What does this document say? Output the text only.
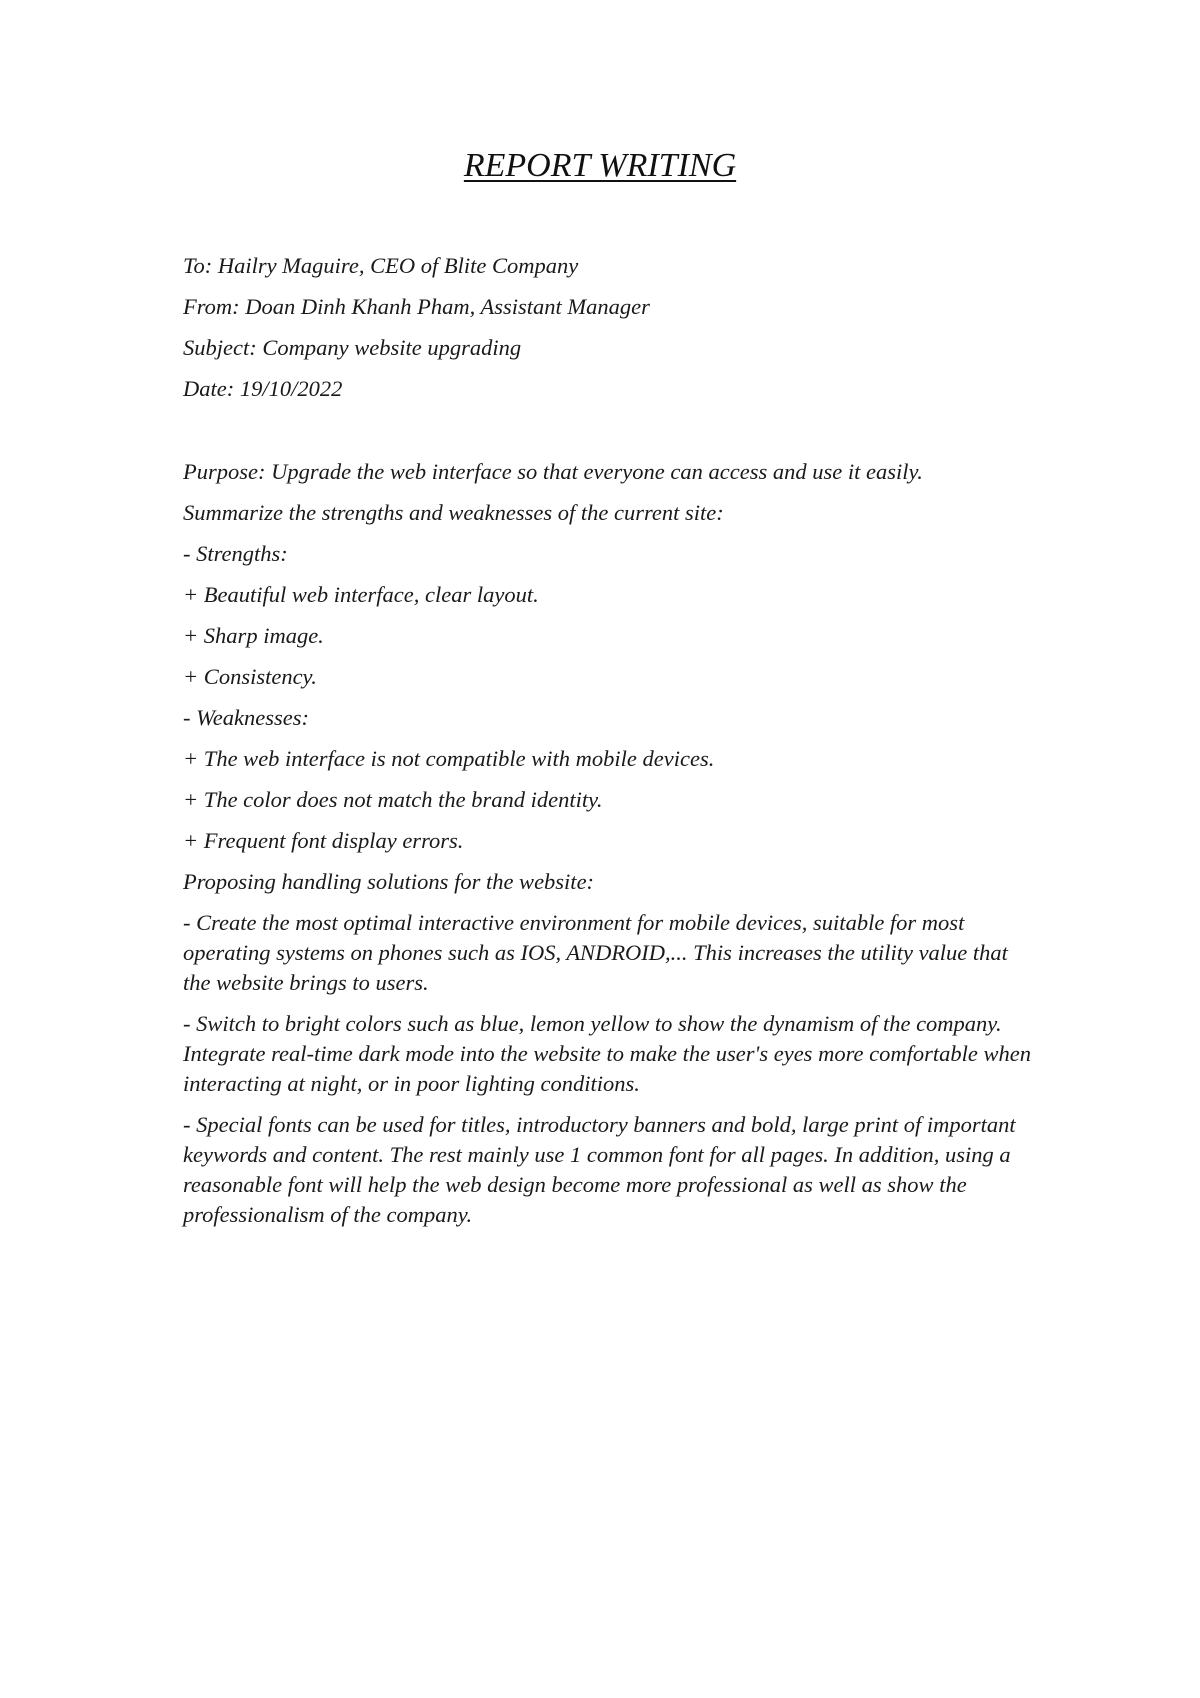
REPORT WRITING
To: Hailry Maguire, CEO of Blite Company
From: Doan Dinh Khanh Pham, Assistant Manager
Subject: Company website upgrading
Date: 19/10/2022

Purpose: Upgrade the web interface so that everyone can access and use it easily.

Summarize the strengths and weaknesses of the current site:

- Strengths:

+ Beautiful web interface, clear layout.

+ Sharp image.

+ Consistency.

- Weaknesses:

+ The web interface is not compatible with mobile devices.

+ The color does not match the brand identity.

+ Frequent font display errors.

Proposing handling solutions for the website:

- Create the most optimal interactive environment for mobile devices, suitable for most operating systems on phones such as IOS, ANDROID,... This increases the utility value that the website brings to users.

- Switch to bright colors such as blue, lemon yellow to show the dynamism of the company. Integrate real-time dark mode into the website to make the user's eyes more comfortable when interacting at night, or in poor lighting conditions.

- Special fonts can be used for titles, introductory banners and bold, large print of important keywords and content. The rest mainly use 1 common font for all pages. In addition, using a reasonable font will help the web design become more professional as well as show the professionalism of the company.
